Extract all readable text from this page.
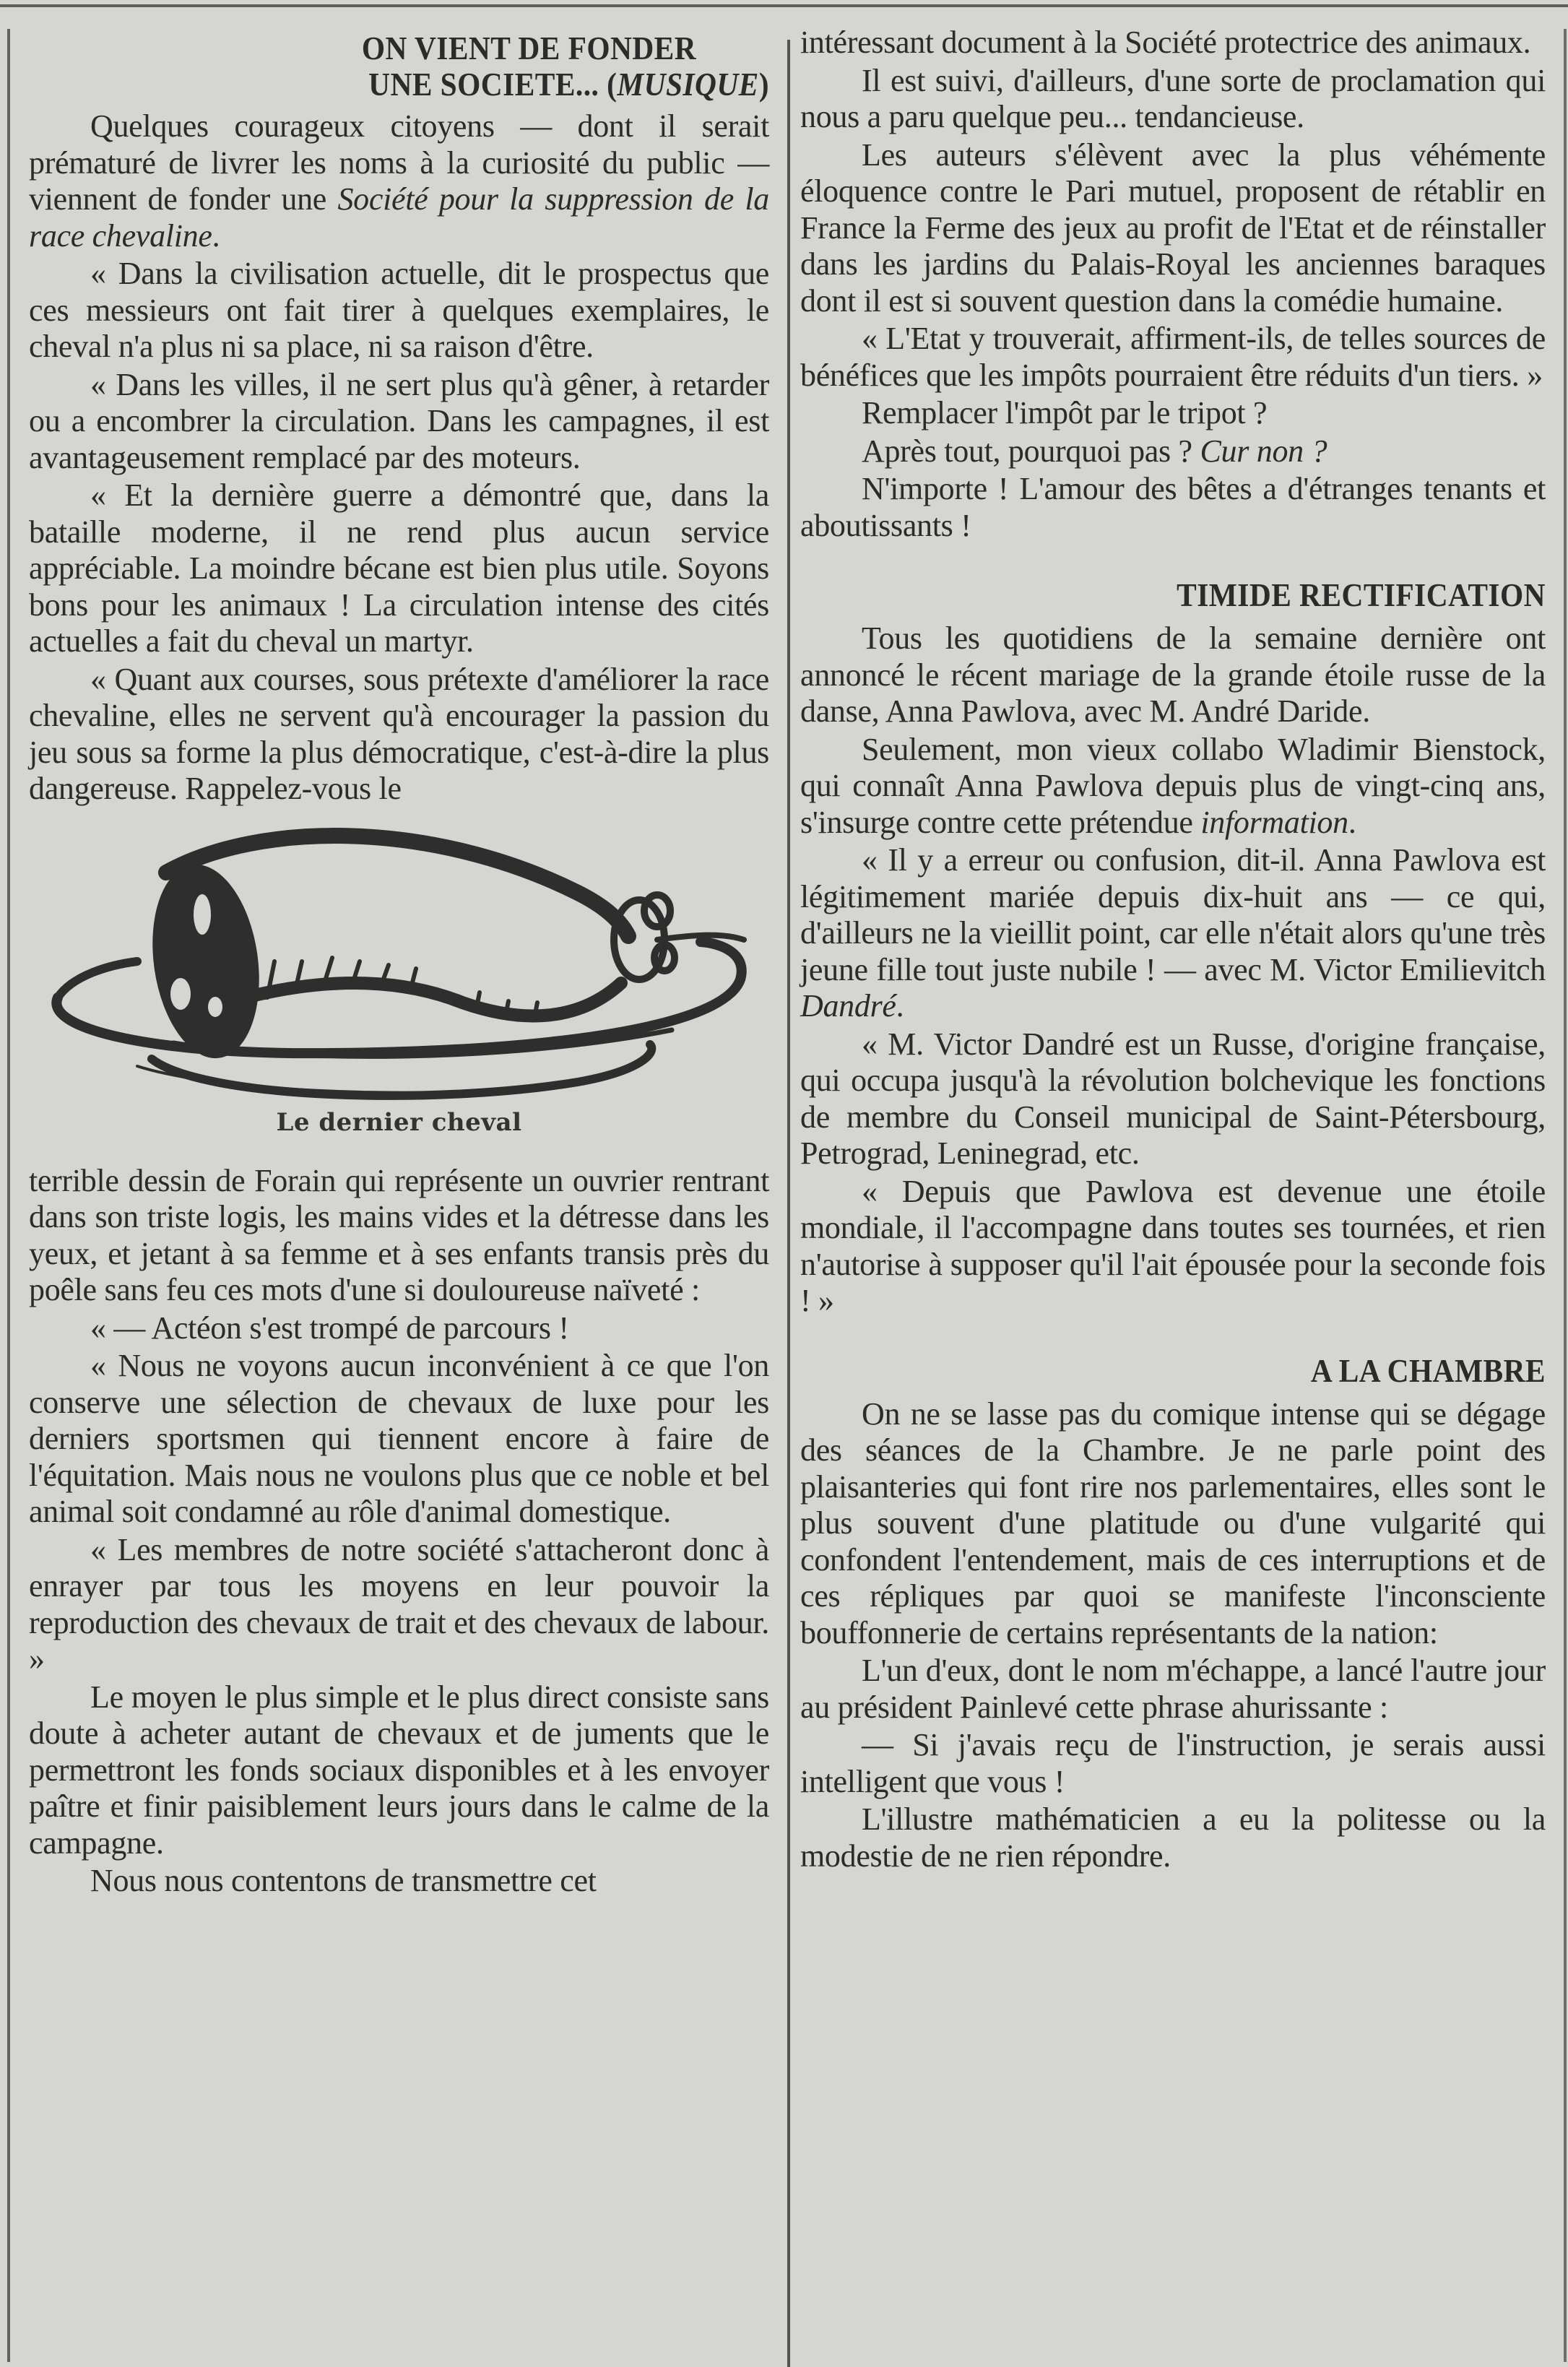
ON VIENT DE FONDER
UNE SOCIETE... (MUSIQUE)

Quelques courageux citoyens — dont il serait prématuré de livrer les noms à la curiosité du public — viennent de fonder une Société pour la suppression de la race chevaline.

« Dans la civilisation actuelle, dit le prospectus que ces messieurs ont fait tirer à quelques exemplaires, le cheval n'a plus ni sa place, ni sa raison d'être.

« Dans les villes, il ne sert plus qu'à gêner, à retarder ou a encombrer la circulation. Dans les campagnes, il est avantageusement remplacé par des moteurs.

« Et la dernière guerre a démontré que, dans la bataille moderne, il ne rend plus aucun service appréciable. La moindre bécane est bien plus utile. Soyons bons pour les animaux ! La circulation intense des cités actuelles a fait du cheval un martyr.

« Quant aux courses, sous prétexte d'améliorer la race chevaline, elles ne servent qu'à encourager la passion du jeu sous sa forme la plus démocratique, c'est-à-dire la plus dangereuse. Rappelez-vous le

Le dernier cheval

terrible dessin de Forain qui représente un ouvrier rentrant dans son triste logis, les mains vides et la détresse dans les yeux, et jetant à sa femme et à ses enfants transis près du poêle sans feu ces mots d'une si douloureuse naïveté :

« — Actéon s'est trompé de parcours !

« Nous ne voyons aucun inconvénient à ce que l'on conserve une sélection de chevaux de luxe pour les derniers sportsmen qui tiennent encore à faire de l'équitation. Mais nous ne voulons plus que ce noble et bel animal soit condamné au rôle d'animal domestique.

« Les membres de notre société s'attacheront donc à enrayer par tous les moyens en leur pouvoir la reproduction des chevaux de trait et des chevaux de labour. »

Le moyen le plus simple et le plus direct consiste sans doute à acheter autant de chevaux et de juments que le permettront les fonds sociaux disponibles et à les envoyer paître et finir paisiblement leurs jours dans le calme de la campagne.

Nous nous contentons de transmettre cet

intéressant document à la Société protectrice des animaux.

Il est suivi, d'ailleurs, d'une sorte de proclamation qui nous a paru quelque peu... tendancieuse.

Les auteurs s'élèvent avec la plus véhémente éloquence contre le Pari mutuel, proposent de rétablir en France la Ferme des jeux au profit de l'Etat et de réinstaller dans les jardins du Palais-Royal les anciennes baraques dont il est si souvent question dans la comédie humaine.

« L'Etat y trouverait, affirment-ils, de telles sources de bénéfices que les impôts pourraient être réduits d'un tiers. »

Remplacer l'impôt par le tripot ?

Après tout, pourquoi pas ? Cur non ?

N'importe ! L'amour des bêtes a d'étranges tenants et aboutissants !

TIMIDE RECTIFICATION

Tous les quotidiens de la semaine dernière ont annoncé le récent mariage de la grande étoile russe de la danse, Anna Pawlova, avec M. André Daride.

Seulement, mon vieux collabo Wladimir Bienstock, qui connaît Anna Pawlova depuis plus de vingt-cinq ans, s'insurge contre cette prétendue information.

« Il y a erreur ou confusion, dit-il. Anna Pawlova est légitimement mariée depuis dix-huit ans — ce qui, d'ailleurs ne la vieillit point, car elle n'était alors qu'une très jeune fille tout juste nubile ! — avec M. Victor Emilievitch Dandré.

« M. Victor Dandré est un Russe, d'origine française, qui occupa jusqu'à la révolution bolchevique les fonctions de membre du Conseil municipal de Saint-Pétersbourg, Petrograd, Leninegrad, etc.

« Depuis que Pawlova est devenue une étoile mondiale, il l'accompagne dans toutes ses tournées, et rien n'autorise à supposer qu'il l'ait épousée pour la seconde fois ! »

A LA CHAMBRE

On ne se lasse pas du comique intense qui se dégage des séances de la Chambre. Je ne parle point des plaisanteries qui font rire nos parlementaires, elles sont le plus souvent d'une platitude ou d'une vulgarité qui confondent l'entendement, mais de ces interruptions et de ces répliques par quoi se manifeste l'inconsciente bouffonnerie de certains représentants de la nation:

L'un d'eux, dont le nom m'échappe, a lancé l'autre jour au président Painlevé cette phrase ahurissante :

— Si j'avais reçu de l'instruction, je serais aussi intelligent que vous !

L'illustre mathématicien a eu la politesse ou la modestie de ne rien répondre.
